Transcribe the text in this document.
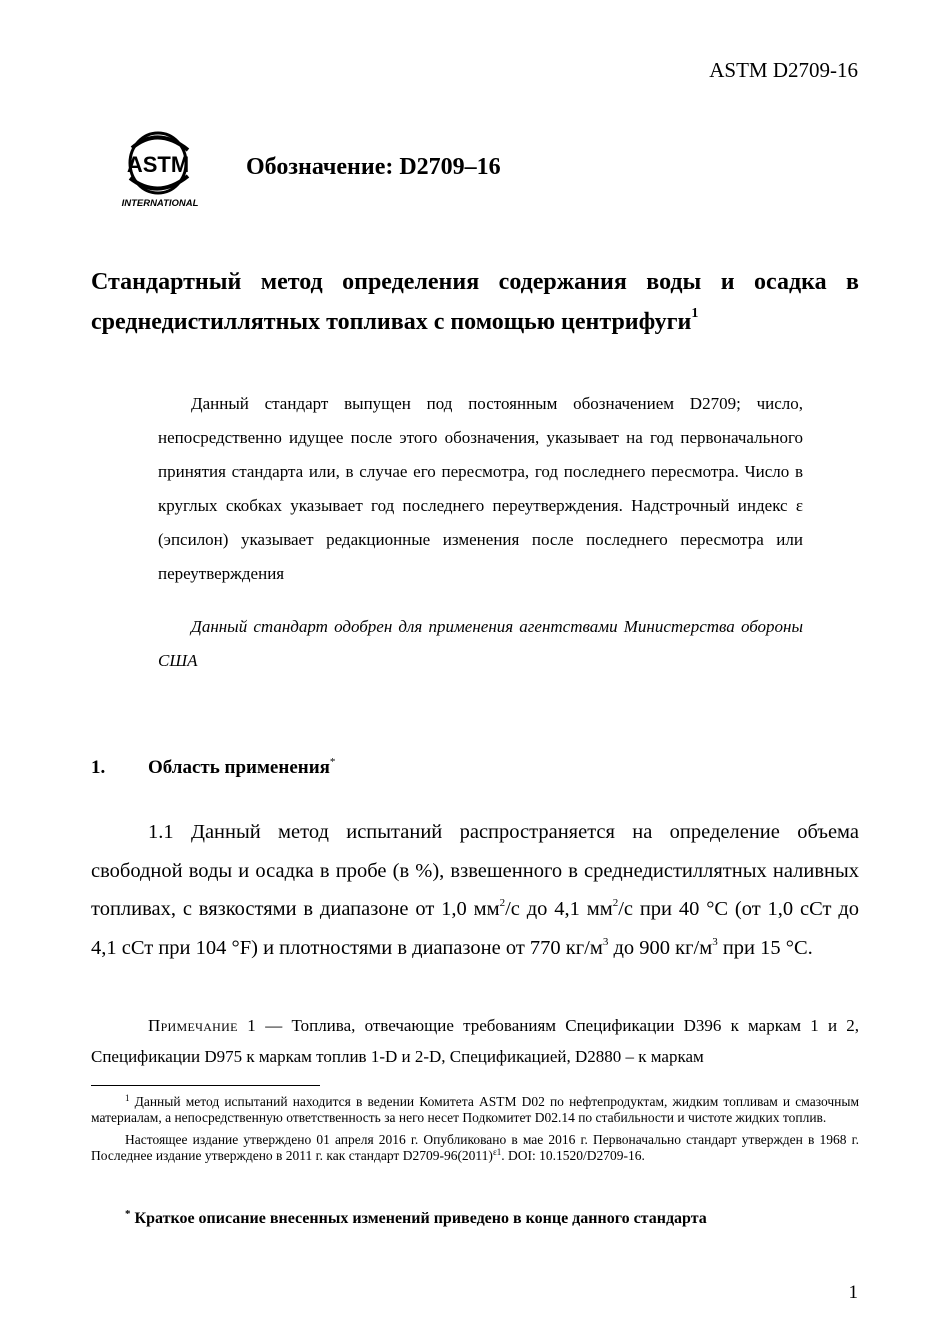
ASTM D2709-16
ASTM
INTERNATIONAL
Обозначение: D2709–16
Стандартный метод определения содержания воды и осадка в среднедистиллятных топливах с помощью центрифуги$^1$

Данный стандарт выпущен под постоянным обозначением D2709; число, непосредственно идущее после этого обозначения, указывает на год первоначального принятия стандарта или, в случае его пересмотра, год последнего пересмотра. Число в круглых скобках указывает год последнего переутверждения. Надстрочный индекс ε (эпсилон) указывает редакционные изменения после последнего пересмотра или переутверждения

Данный стандарт одобрен для применения агентствами Министерства обороны США
1. Область применения*
1.1 Данный метод испытаний распространяется на определение объема свободной воды и осадка в пробе (в %), взвешенного в среднедистиллятных наливных топливах, с вязкостями в диапазоне от 1,0 $мм^2/с$ до 4,1 $мм^2/с$ при 40 °C (от 1,0 сСт до 4,1 сСт при 104 °F) и плотностями в диапазоне от 770 $кг/м^3$ до 900 $кг/м^3$ при 15 °C.
Примечание 1 — Топлива, отвечающие требованиям Спецификации D396 к маркам 1 и 2, Спецификации D975 к маркам топлив 1-D и 2-D, Спецификацией, D2880 – к маркам

$^1$ Данный метод испытаний находится в ведении Комитета ASTM D02 по нефтепродуктам, жидким топливам и смазочным материалам, а непосредственную ответственность за него несет Подкомитет D02.14 по стабильности и чистоте жидких топлив.

Настоящее издание утверждено 01 апреля 2016 г. Опубликовано в мае 2016 г. Первоначально стандарт утвержден в 1968 г. Последнее издание утверждено в 2011 г. как стандарт $D2709-96(2011)^{\varepsilon 1}$. DOI: 10.1520/D2709-16.

* Краткое описание внесенных изменений приведено в конце данного стандарта
1
